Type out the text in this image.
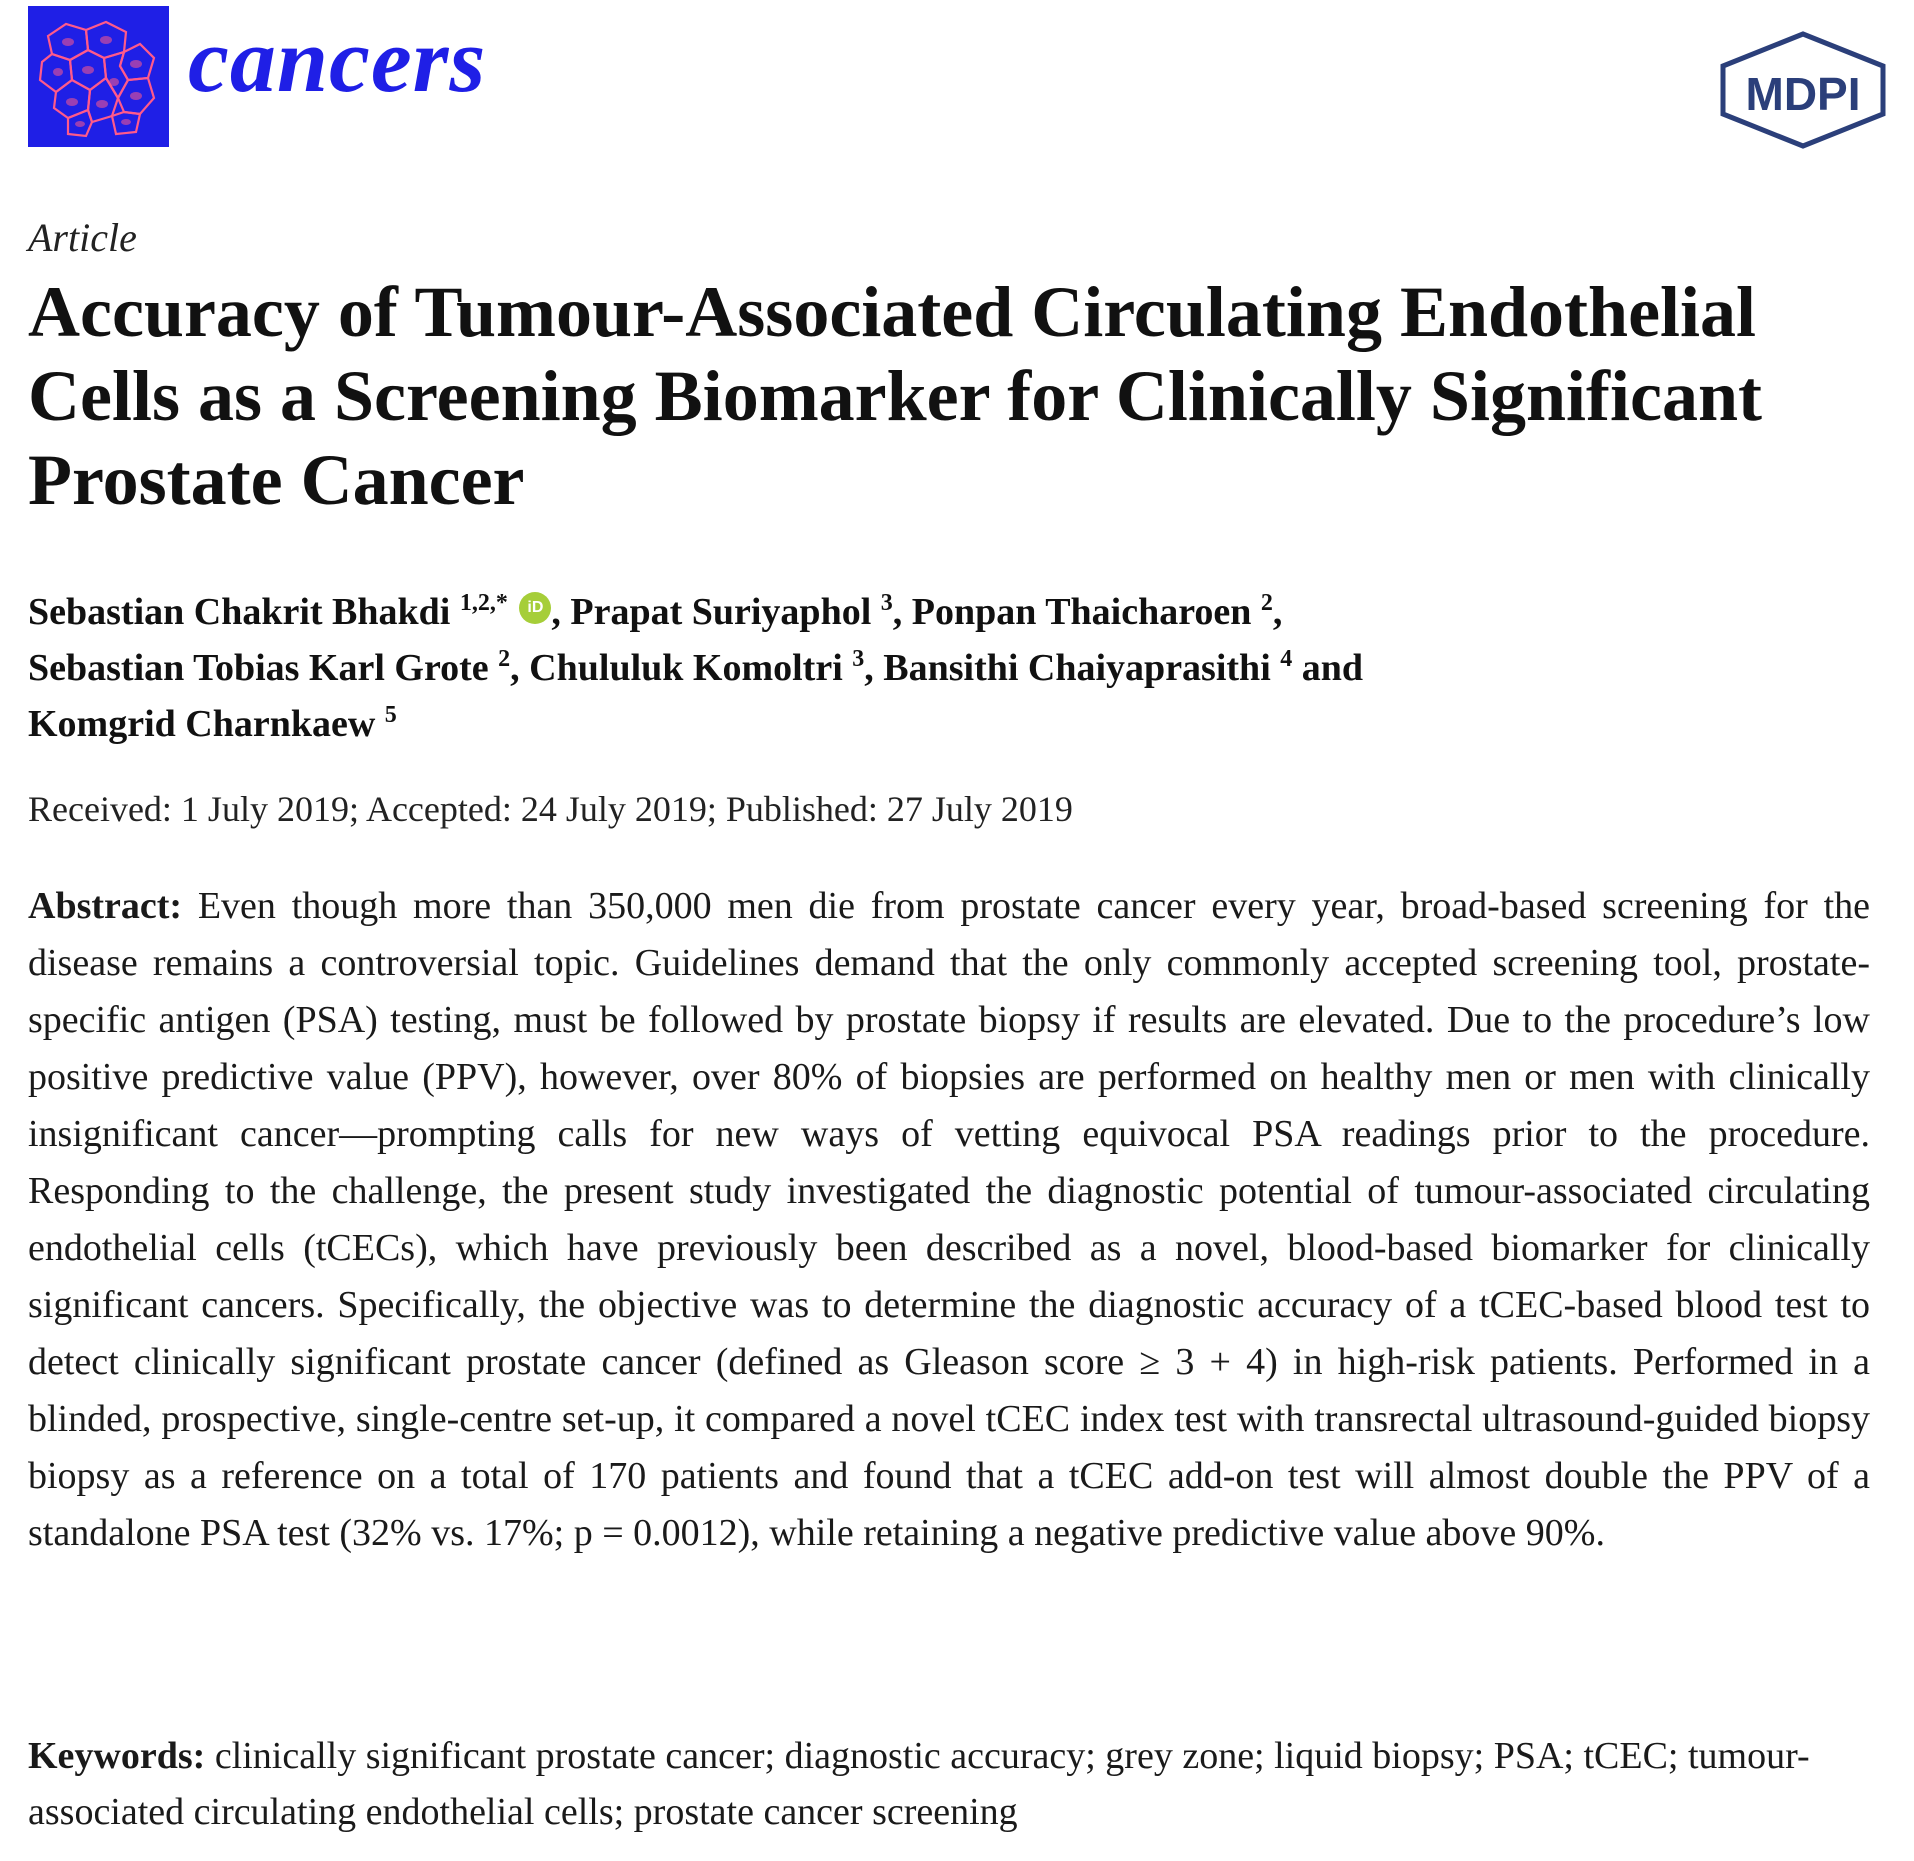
cancers	MDPI
Article
Accuracy of Tumour-Associated Circulating Endothelial Cells as a Screening Biomarker for Clinically Significant Prostate Cancer
Sebastian Chakrit Bhakdi $^{1,2,*}$ iD , Prapat Suriyaphol $^3$, Ponpan Thaicharoen $^2$,
Sebastian Tobias Karl Grote $^2$, Chululuk Komoltri $^3$, Bansithi Chaiyaprasithi $^4$ and
Komgrid Charnkaew $^5$
Received: 1 July 2019; Accepted: 24 July 2019; Published: 27 July 2019
Abstract: Even though more than 350,000 men die from prostate cancer every year, broad-based screening for the disease remains a controversial topic. Guidelines demand that the only commonly accepted screening tool, prostate-specific antigen (PSA) testing, must be followed by prostate biopsy if results are elevated. Due to the procedure’s low positive predictive value (PPV), however, over 80% of biopsies are performed on healthy men or men with clinically insignificant cancer—prompting calls for new ways of vetting equivocal PSA readings prior to the procedure. Responding to the challenge, the present study investigated the diagnostic potential of tumour-associated circulating endothelial cells (tCECs), which have previously been described as a novel, blood-based biomarker for clinically significant cancers. Specifically, the objective was to determine the diagnostic accuracy of a tCEC-based blood test to detect clinically significant prostate cancer (defined as Gleason score ≥ 3 + 4) in high-risk patients. Performed in a blinded, prospective, single-centre set-up, it compared a novel tCEC index test with transrectal ultrasound-guided biopsy biopsy as a reference on a total of 170 patients and found that a tCEC add-on test will almost double the PPV of a standalone PSA test (32% vs. 17%; p = 0.0012), while retaining a negative predictive value above 90%.
Keywords: clinically significant prostate cancer; diagnostic accuracy; grey zone; liquid biopsy; PSA; tCEC; tumour-associated circulating endothelial cells; prostate cancer screening
